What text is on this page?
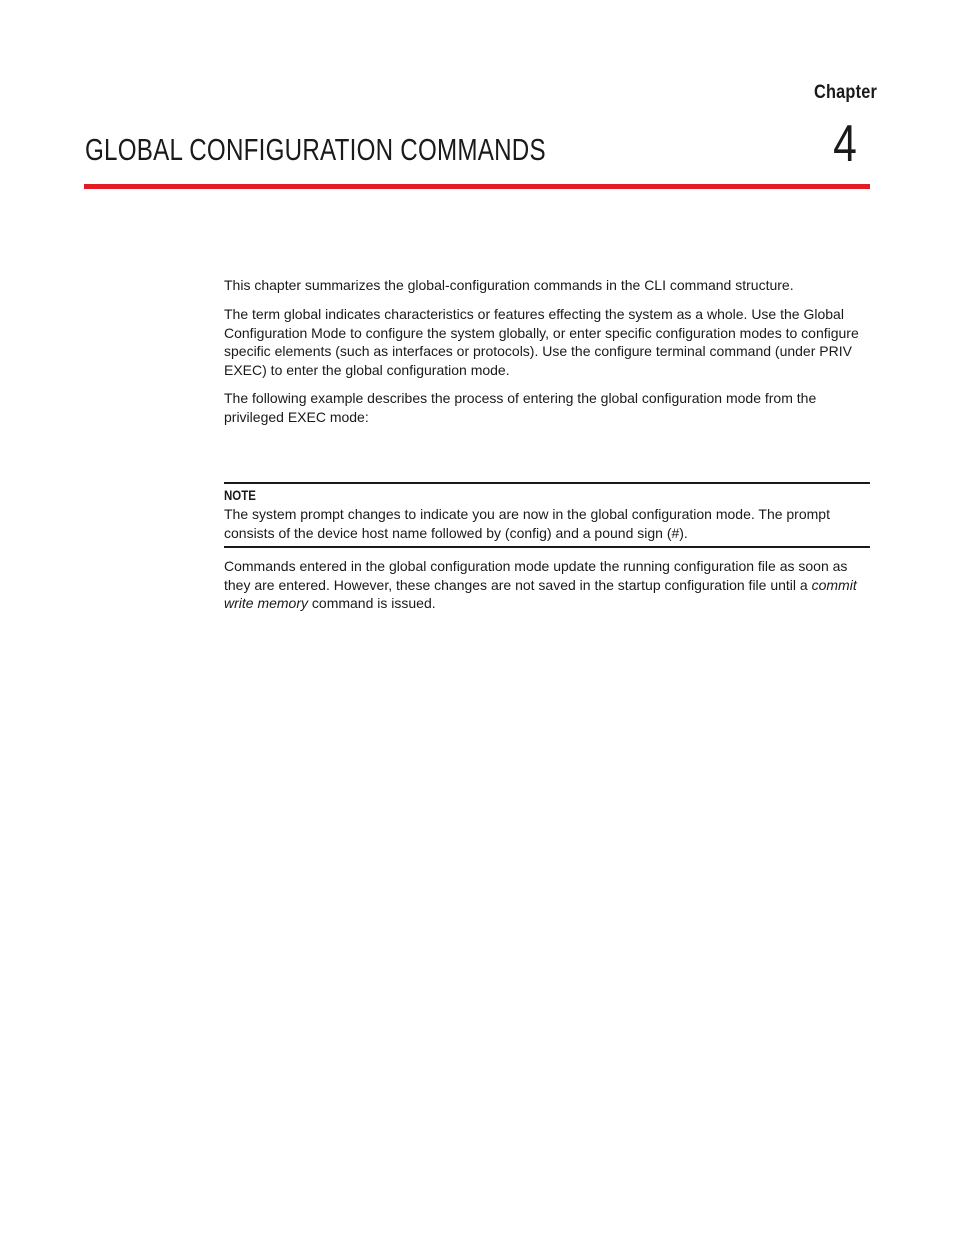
Chapter
4
GLOBAL CONFIGURATION COMMANDS

This chapter summarizes the global-configuration commands in the CLI command structure.

The term global indicates characteristics or features effecting the system as a whole. Use the Global Configuration Mode to configure the system globally, or enter specific configuration modes to configure specific elements (such as interfaces or protocols). Use the configure terminal command (under PRIV EXEC) to enter the global configuration mode.

The following example describes the process of entering the global configuration mode from the privileged EXEC mode:

NOTE

The system prompt changes to indicate you are now in the global configuration mode. The prompt consists of the device host name followed by (config) and a pound sign (#).

Commands entered in the global configuration mode update the running configuration file as soon as they are entered. However, these changes are not saved in the startup configuration file until a commit write memory command is issued.
